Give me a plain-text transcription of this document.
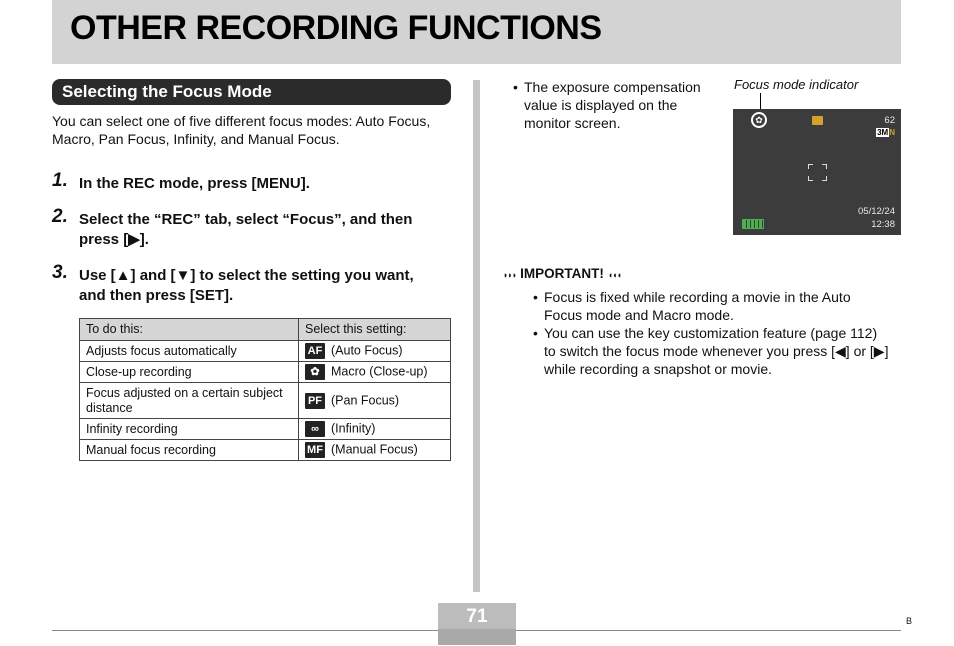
OTHER RECORDING FUNCTIONS
Selecting the Focus Mode

You can select one of five different focus modes: Auto Focus, Macro, Pan Focus, Infinity, and Manual Focus.

1. In the REC mode, press [MENU].
2. Select the “REC” tab, select “Focus”, and then press [▶].
3. Use [▲] and [▼] to select the setting you want, and then press [SET].
To do this:	Select this setting:
Adjusts focus automatically	AF (Auto Focus)
Close-up recording	✿ Macro (Close-up)
Focus adjusted on a certain subject distance	PF (Pan Focus)
Infinity recording	∞ (Infinity)
Manual focus recording	MF (Manual Focus)
• The exposure compensation value is displayed on the monitor screen.
Focus mode indicator
✿	62
3MN
05/12/24
12:38
◗◗◗ IMPORTANT! ◖◖◖
• Focus is fixed while recording a movie in the Auto Focus mode and Macro mode.
• You can use the key customization feature (page 112) to switch the focus mode whenever you press [◀] or [▶] while recording a snapshot or movie.
71	B
